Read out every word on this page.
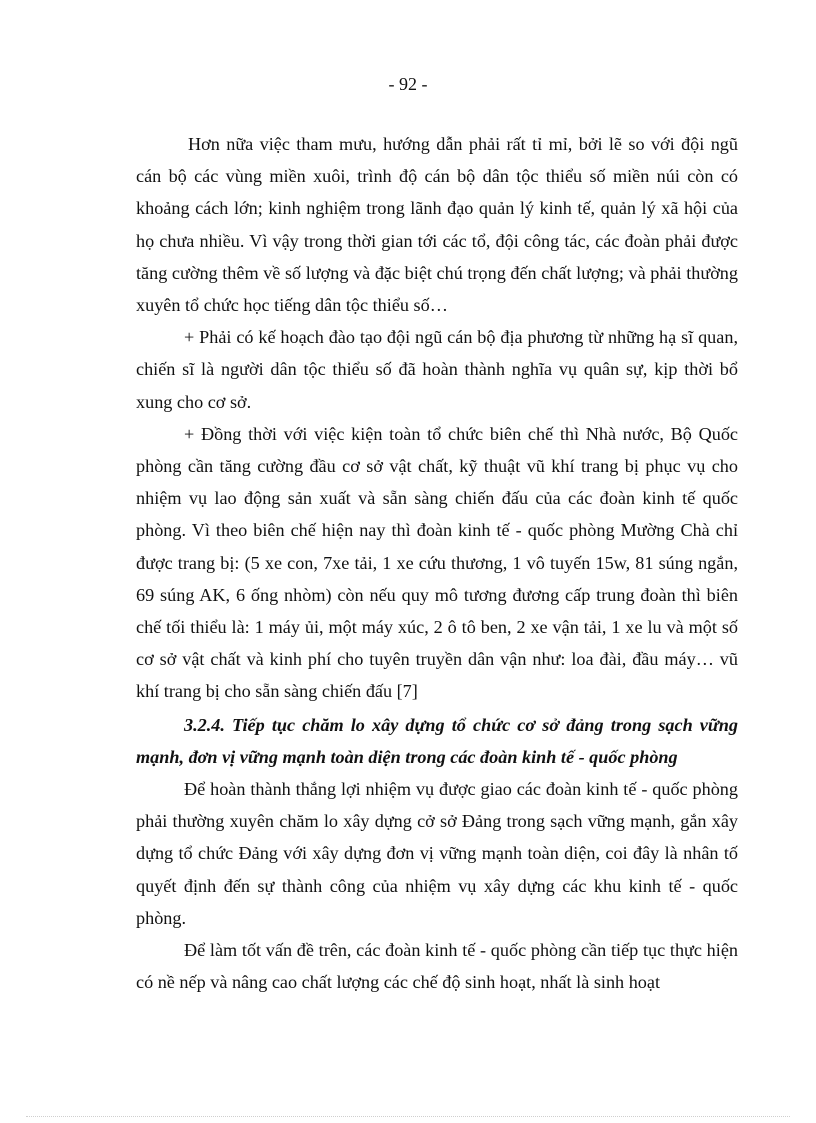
- 92 -

Hơn nữa việc tham mưu, hướng dẫn phải rất tỉ mỉ, bởi lẽ so với đội ngũ cán bộ các vùng miền xuôi, trình độ cán bộ dân tộc thiểu số miền núi còn có khoảng cách lớn; kinh nghiệm trong lãnh đạo quản lý kinh tế, quản lý xã hội của họ chưa nhiều. Vì vậy trong thời gian tới các tổ, đội công tác, các đoàn phải được tăng cường thêm về số lượng và đặc biệt chú trọng đến chất lượng; và phải thường xuyên tổ chức học tiếng dân tộc thiểu số…

+ Phải có kế hoạch đào tạo đội ngũ cán bộ địa phương từ những hạ sĩ quan, chiến sĩ là người dân tộc thiểu số đã hoàn thành nghĩa vụ quân sự, kịp thời bổ xung cho cơ sở.

+ Đồng thời với việc kiện toàn tổ chức biên chế thì Nhà nước, Bộ Quốc phòng cần tăng cường đầu cơ sở vật chất, kỹ thuật vũ khí trang bị phục vụ cho nhiệm vụ lao động sản xuất và sẵn sàng chiến đấu của các đoàn kinh tế quốc phòng. Vì theo biên chế hiện nay thì đoàn kinh tế - quốc phòng Mường Chà chỉ được trang bị: (5 xe con, 7xe tải, 1 xe cứu thương, 1 vô tuyến 15w, 81 súng ngắn, 69 súng AK, 6 ống nhòm) còn nếu quy mô tương đương cấp trung đoàn thì biên chế tối thiểu là: 1 máy ủi, một máy xúc, 2 ô tô ben, 2 xe vận tải, 1 xe lu và một số cơ sở vật chất và kinh phí cho tuyên truyền dân vận như: loa đài, đầu máy… vũ khí trang bị cho sẵn sàng chiến đấu [7]

3.2.4. Tiếp tục chăm lo xây dựng tổ chức cơ sở đảng trong sạch vững mạnh, đơn vị vững mạnh toàn diện trong các đoàn kinh tế - quốc phòng

Để hoàn thành thắng lợi nhiệm vụ được giao các đoàn kinh tế - quốc phòng phải thường xuyên chăm lo xây dựng cở sở Đảng trong sạch vững mạnh, gắn xây dựng tổ chức Đảng với xây dựng đơn vị vững mạnh toàn diện, coi đây là nhân tố quyết định đến sự thành công của nhiệm vụ xây dựng các khu kinh tế - quốc phòng.

Để làm tốt vấn đề trên, các đoàn kinh tế - quốc phòng cần tiếp tục thực hiện có nề nếp và nâng cao chất lượng các chế độ sinh hoạt, nhất là sinh hoạt
